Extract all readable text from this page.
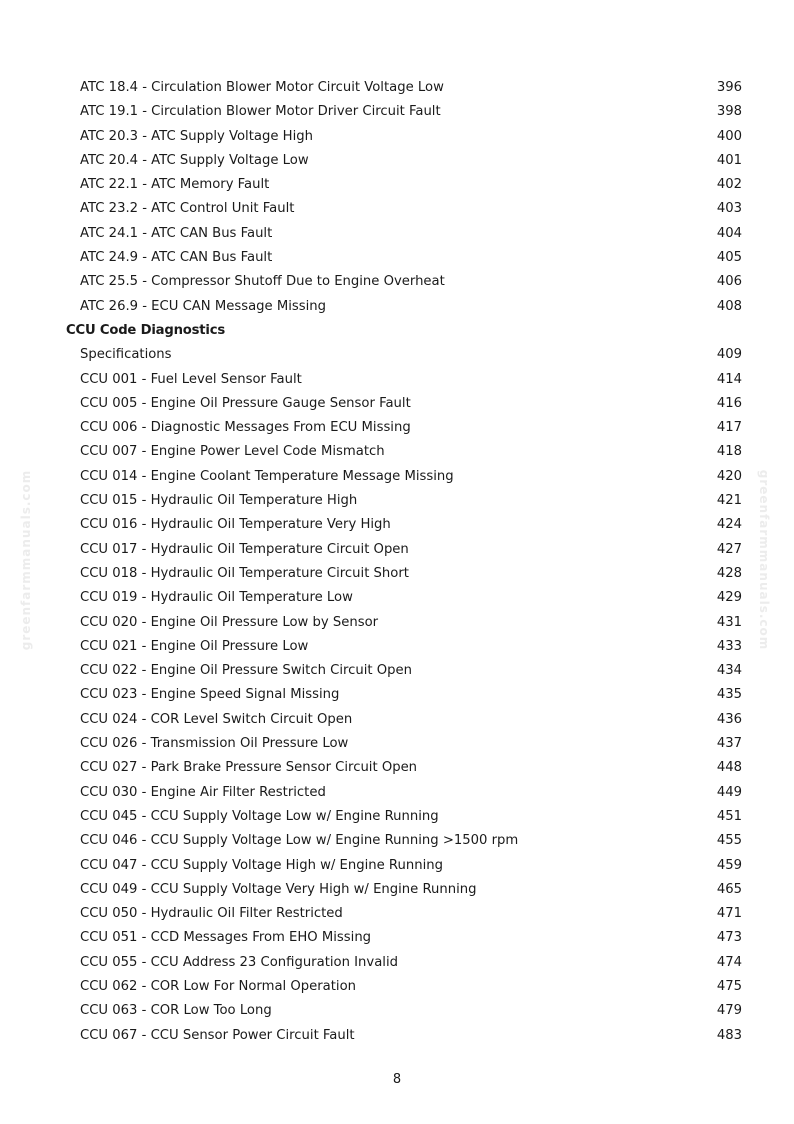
greenfarmmanuals.com	greenfarmmanuals.com
ATC 18.4 - Circulation Blower Motor Circuit Voltage Low	396
ATC 19.1 - Circulation Blower Motor Driver Circuit Fault	398
ATC 20.3 - ATC Supply Voltage High	400
ATC 20.4 - ATC Supply Voltage Low	401
ATC 22.1 - ATC Memory Fault	402
ATC 23.2 - ATC Control Unit Fault	403
ATC 24.1 - ATC CAN Bus Fault	404
ATC 24.9 - ATC CAN Bus Fault	405
ATC 25.5 - Compressor Shutoff Due to Engine Overheat	406
ATC 26.9 - ECU CAN Message Missing	408
CCU Code Diagnostics
Specifications	409
CCU 001 - Fuel Level Sensor Fault	414
CCU 005 - Engine Oil Pressure Gauge Sensor Fault	416
CCU 006 - Diagnostic Messages From ECU Missing	417
CCU 007 - Engine Power Level Code Mismatch	418
CCU 014 - Engine Coolant Temperature Message Missing	420
CCU 015 - Hydraulic Oil Temperature High	421
CCU 016 - Hydraulic Oil Temperature Very High	424
CCU 017 - Hydraulic Oil Temperature Circuit Open	427
CCU 018 - Hydraulic Oil Temperature Circuit Short	428
CCU 019 - Hydraulic Oil Temperature Low	429
CCU 020 - Engine Oil Pressure Low by Sensor	431
CCU 021 - Engine Oil Pressure Low	433
CCU 022 - Engine Oil Pressure Switch Circuit Open	434
CCU 023 - Engine Speed Signal Missing	435
CCU 024 - COR Level Switch Circuit Open	436
CCU 026 - Transmission Oil Pressure Low	437
CCU 027 - Park Brake Pressure Sensor Circuit Open	448
CCU 030 - Engine Air Filter Restricted	449
CCU 045 - CCU Supply Voltage Low w/ Engine Running	451
CCU 046 - CCU Supply Voltage Low w/ Engine Running >1500 rpm	455
CCU 047 - CCU Supply Voltage High w/ Engine Running	459
CCU 049 - CCU Supply Voltage Very High w/ Engine Running	465
CCU 050 - Hydraulic Oil Filter Restricted	471
CCU 051 - CCD Messages From EHO Missing	473
CCU 055 - CCU Address 23 Configuration Invalid	474
CCU 062 - COR Low For Normal Operation	475
CCU 063 - COR Low Too Long	479
CCU 067 - CCU Sensor Power Circuit Fault	483
8
